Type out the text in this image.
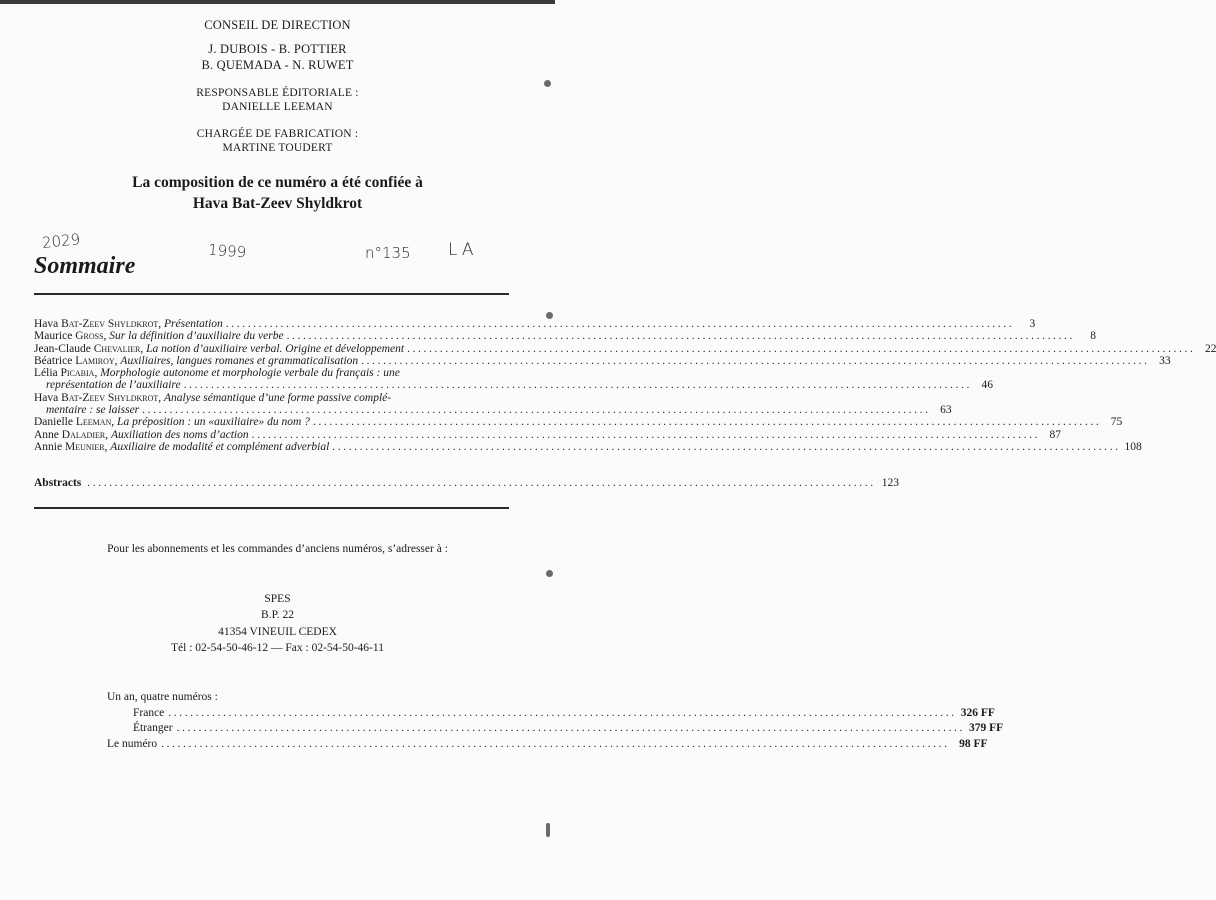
CONSEIL DE DIRECTION
J. DUBOIS - B. POTTIER
B. QUEMADA - N. RUWET
RESPONSABLE ÉDITORIALE :
DANIELLE LEEMAN
CHARGÉE DE FABRICATION :
MARTINE TOUDERT
La composition de ce numéro a été confiée à
Hava Bat-Zeev Shyldkrot
2029	1999	n°135 LA
Sommaire
Hava Bat-Zeev Shyldkrot, Présentation ................................................................................................................................................	3
Maurice Gross, Sur la définition d’auxiliaire du verbe ................................................................................................................................................	8
Jean-Claude Chevalier, La notion d’auxiliaire verbal. Origine et développement ................................................................................................................................................ 22
Béatrice Lamiroy, Auxiliaires, langues romanes et grammaticalisation ................................................................................................................................................ 33
Lélia Picabia, Morphologie autonome et morphologie verbale du français : une
représentation de l’auxiliaire ................................................................................................................................................ 46
Hava Bat-Zeev Shyldkrot, Analyse sémantique d’une forme passive complé-
mentaire : se laisser ................................................................................................................................................ 63
Danielle Leeman, La préposition : un «auxiliaire» du nom ? ................................................................................................................................................ 75
Anne Daladier, Auxiliation des noms d’action ................................................................................................................................................ 87
Annie Meunier, Auxiliaire de modalité et complément adverbial ................................................................................................................................................ 108
Abstracts ................................................................................................................................................ 123
Pour les abonnements et les commandes d’anciens numéros, s’adresser à :
SPES
B.P. 22
41354 VINEUIL CEDEX
Tél : 02-54-50-46-12 — Fax : 02-54-50-46-11
Un an, quatre numéros :
France ................................................................................................................................................ 326 FF
Étranger ................................................................................................................................................ 379 FF
Le numéro ................................................................................................................................................ 98 FF
